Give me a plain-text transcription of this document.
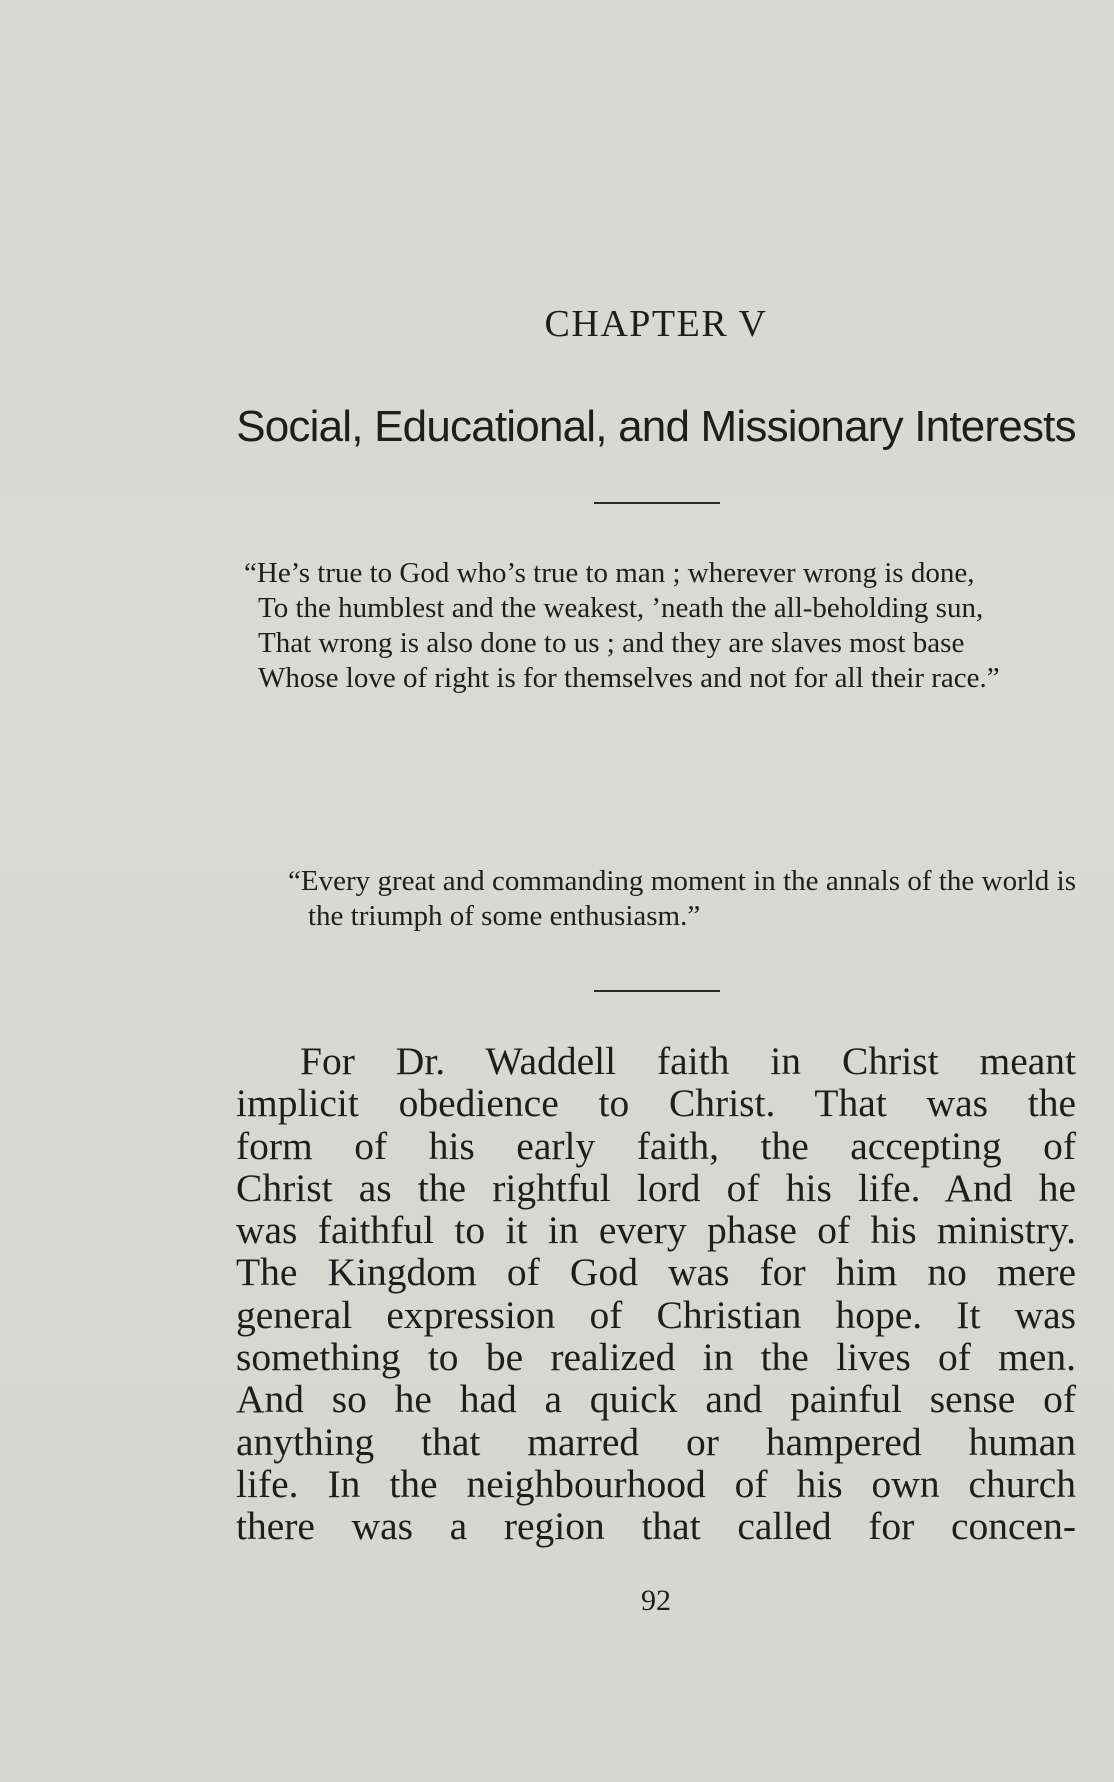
CHAPTER V
Social, Educational, and Missionary Interests
“He’s true to God who’s true to man ; wherever wrong is done,
To the humblest and the weakest, ’neath the all-beholding sun,
That wrong is also done to us ; and they are slaves most base
Whose love of right is for themselves and not for all their race.”
“Every great and commanding moment in the annals of the world is the triumph of some enthusiasm.”
For Dr. Waddell faith in Christ meant
implicit obedience to Christ. That was the
form of his early faith, the accepting of
Christ as the rightful lord of his life. And he
was faithful to it in every phase of his ministry.
The Kingdom of God was for him no mere
general expression of Christian hope. It was
something to be realized in the lives of men.
And so he had a quick and painful sense of
anything that marred or hampered human
life. In the neighbourhood of his own church
there was a region that called for concen-
92
